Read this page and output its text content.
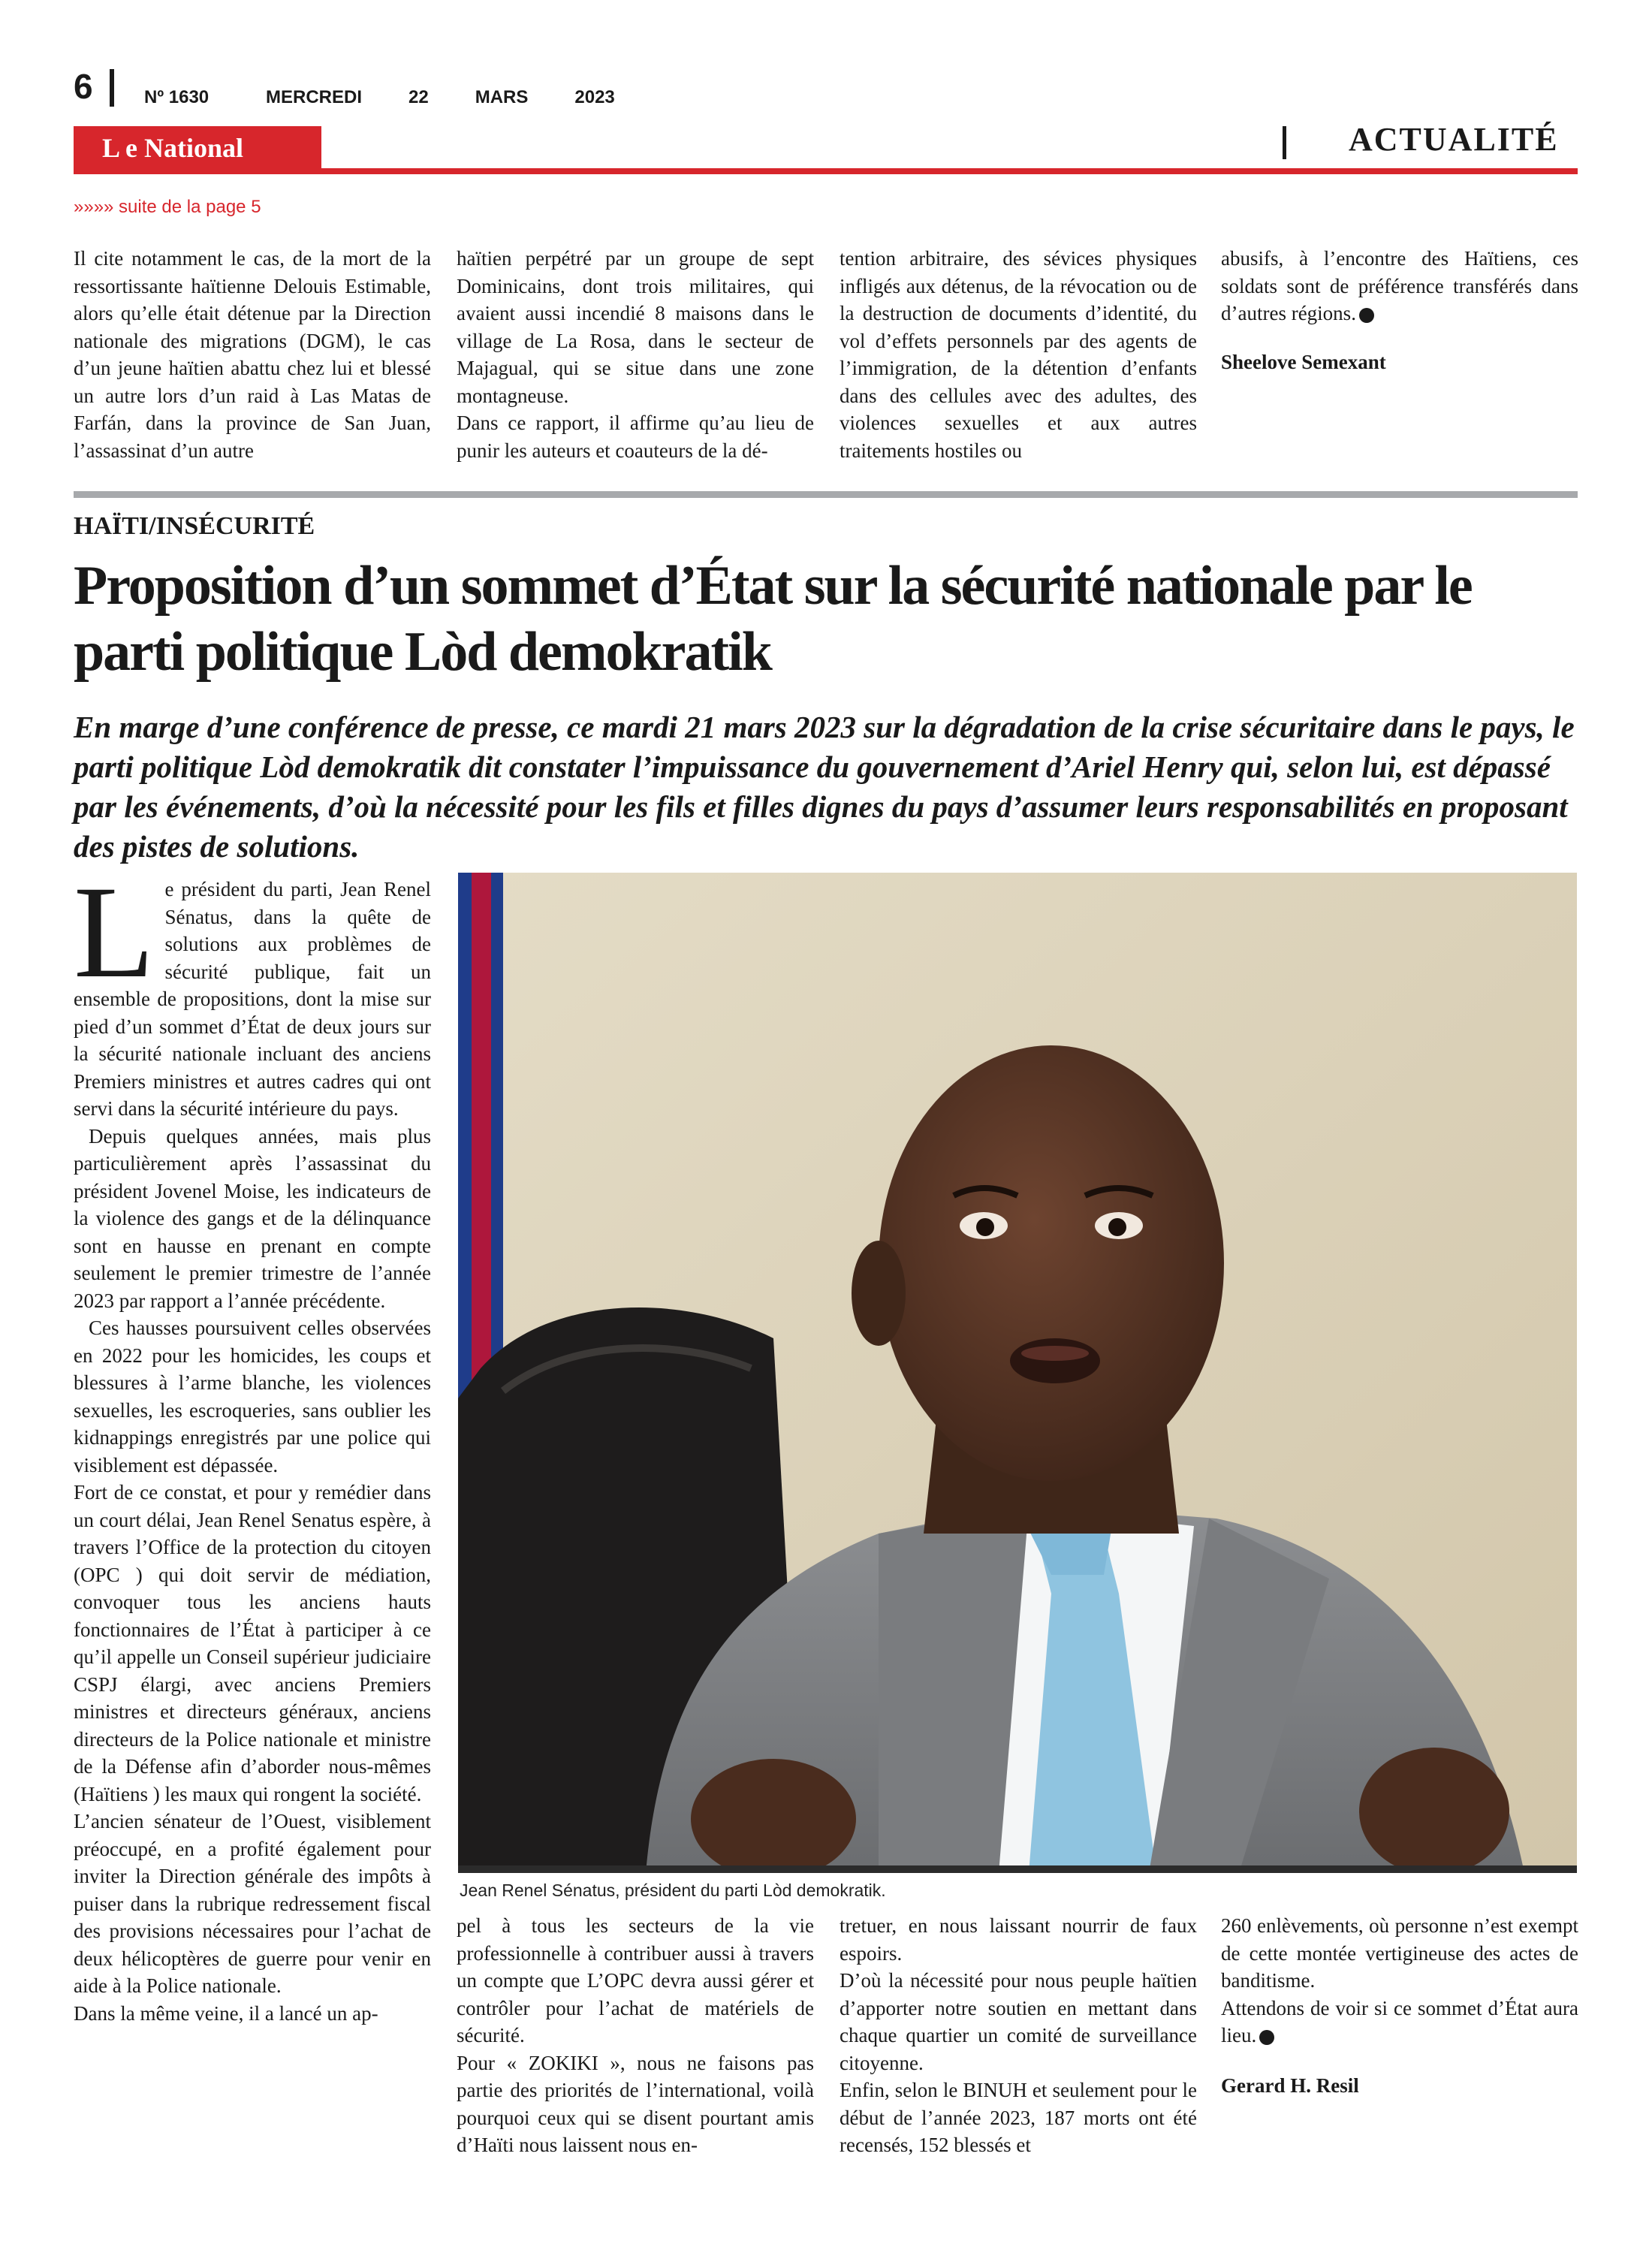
6	Nº 1630	MERCREDI   22   MARS   2023
L e National	ACTUALITÉ
»»»» suite de la page 5

Il cite notamment le cas, de la mort de la ressortissante haïtienne Delouis Estimable, alors qu’elle était détenue par la Direction nationale des migrations (DGM), le cas d’un jeune haïtien abattu chez lui et blessé un autre lors d’un raid à Las Matas de Farfán, dans la province de San Juan, l’assassinat d’un autre

haïtien perpétré par un groupe de sept Dominicains, dont trois militaires, qui avaient aussi incendié 8 maisons dans le village de La Rosa, dans le secteur de Majagual, qui se situe dans une zone montagneuse.

Dans ce rapport, il affirme qu’au lieu de punir les auteurs et coauteurs de la dé-

tention arbitraire, des sévices physiques infligés aux détenus, de la révocation ou de la destruction de documents d’identité, du vol d’effets personnels par des agents de l’immigration, de la détention d’enfants dans des cellules avec des adultes, des violences sexuelles et aux autres traitements hostiles ou

abusifs, à l’encontre des Haïtiens, ces soldats sont de préférence transférés dans d’autres régions.

Sheelove Semexant

HAÏTI/INSÉCURITÉ
Proposition d’un sommet d’État sur la sécurité nationale par le parti politique Lòd demokratik

En marge d’une conférence de presse, ce mardi 21 mars 2023 sur la dégradation de la crise sécuritaire dans le pays, le parti politique Lòd demokratik dit constater l’impuissance du gouvernement d’Ariel Henry qui, selon lui, est dépassé par les événements, d’où la nécessité pour les fils et filles dignes du pays d’assumer leurs responsabilités en proposant des pistes de solutions.

Le président du parti, Jean Renel Sénatus, dans la quête de solutions aux problèmes de sécurité publique, fait un ensemble de propositions, dont la mise sur pied d’un sommet d’État de deux jours sur la sécurité nationale incluant des anciens Premiers ministres et autres cadres qui ont servi dans la sécurité intérieure du pays.

Depuis quelques années, mais plus particulièrement après l’assassinat du président Jovenel Moise, les indicateurs de la violence des gangs et de la délinquance sont en hausse en prenant en compte seulement le premier trimestre de l’année 2023 par rapport a l’année précédente.

Ces hausses poursuivent celles observées en 2022 pour les homicides, les coups et blessures à l’arme blanche, les violences sexuelles, les escroqueries, sans oublier les kidnappings enregistrés par une police qui visiblement est dépassée.

Fort de ce constat, et pour y remédier dans un court délai, Jean Renel Senatus espère, à travers l’Office de la protection du citoyen (OPC ) qui doit servir de médiation, convoquer tous les anciens hauts fonctionnaires de l’État à participer à ce qu’il appelle un Conseil supérieur judiciaire CSPJ élargi, avec anciens Premiers ministres et directeurs généraux, anciens directeurs de la Police nationale et ministre de la Défense afin d’aborder nous-mêmes (Haïtiens ) les maux qui rongent la société.

L’ancien sénateur de l’Ouest, visiblement préoccupé, en a profité également pour inviter la Direction générale des impôts à puiser dans la rubrique redressement fiscal des provisions nécessaires pour l’achat de deux hélicoptères de guerre pour venir en aide à la Police nationale.

Dans la même veine, il a lancé un ap-

Jean Renel Sénatus, président du parti Lòd demokratik.

pel à tous les secteurs de la vie professionnelle à contribuer aussi à travers un compte que L’OPC devra aussi gérer et contrôler pour l’achat de matériels de sécurité.

Pour « ZOKIKI », nous ne faisons pas partie des priorités de l’international, voilà pourquoi ceux qui se disent pourtant amis d’Haïti nous laissent nous en-

tretuer, en nous laissant nourrir de faux espoirs.

D’où la nécessité pour nous peuple haïtien d’apporter notre soutien en mettant dans chaque quartier un comité de surveillance citoyenne.

Enfin, selon le BINUH et seulement pour le début de l’année 2023, 187 morts ont été recensés, 152 blessés et

260 enlèvements, où personne n’est exempt de cette montée vertigineuse des actes de banditisme.

Attendons de voir si ce sommet d’État aura lieu.

Gerard H. Resil
